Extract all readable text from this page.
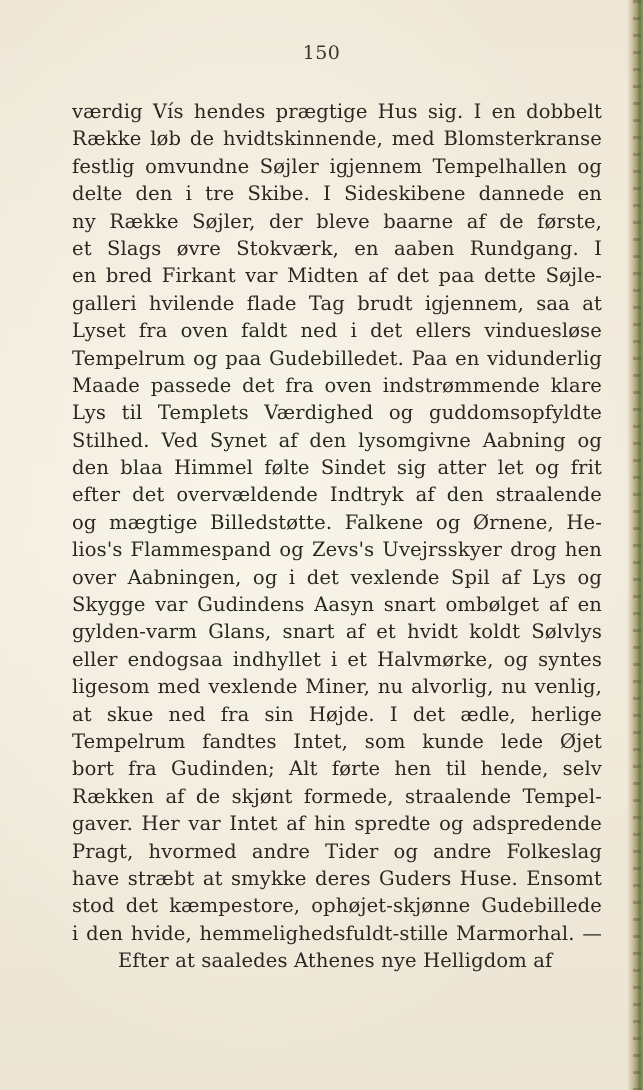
150
værdig Vís hendes prægtige Hus sig. I en dobbelt
Række løb de hvidtskinnende, med Blomsterkranse
festlig omvundne Søjler igjennem Tempelhallen og
delte den i tre Skibe. I Sideskibene dannede en
ny Række Søjler, der bleve baarne af de første,
et Slags øvre Stokværk, en aaben Rundgang. I
en bred Firkant var Midten af det paa dette Søjle-
galleri hvilende flade Tag brudt igjennem, saa at
Lyset fra oven faldt ned i det ellers vinduesløse
Tempelrum og paa Gudebilledet. Paa en vidunderlig
Maade passede det fra oven indstrømmende klare
Lys til Templets Værdighed og guddomsopfyldte
Stilhed. Ved Synet af den lysomgivne Aabning og
den blaa Himmel følte Sindet sig atter let og frit
efter det overvældende Indtryk af den straalende
og mægtige Billedstøtte. Falkene og Ørnene, He-
lios's Flammespand og Zevs's Uvejrsskyer drog hen
over Aabningen, og i det vexlende Spil af Lys og
Skygge var Gudindens Aasyn snart ombølget af en
gylden-varm Glans, snart af et hvidt koldt Sølvlys
eller endogsaa indhyllet i et Halvmørke, og syntes
ligesom med vexlende Miner, nu alvorlig, nu venlig,
at skue ned fra sin Højde. I det ædle, herlige
Tempelrum fandtes Intet, som kunde lede Øjet
bort fra Gudinden; Alt førte hen til hende, selv
Rækken af de skjønt formede, straalende Tempel-
gaver. Her var Intet af hin spredte og adspredende
Pragt, hvormed andre Tider og andre Folkeslag
have stræbt at smykke deres Guders Huse. Ensomt
stod det kæmpestore, ophøjet-skjønne Gudebillede
i den hvide, hemmelighedsfuldt-stille Marmorhal. —
Efter at saaledes Athenes nye Helligdom af
